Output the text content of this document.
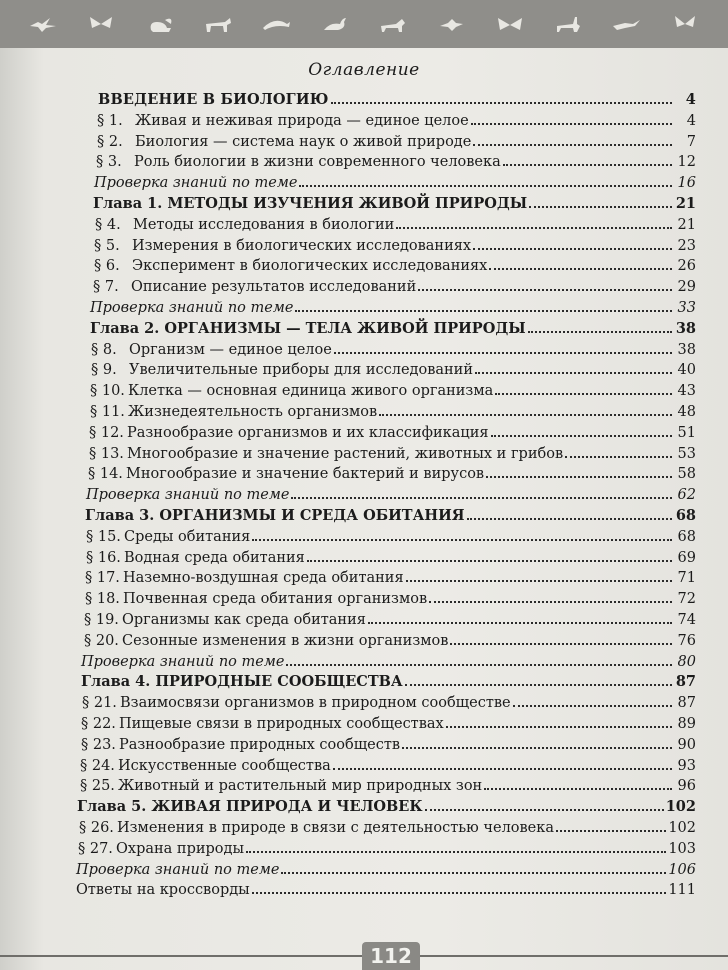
Оглавление
ВВЕДЕНИЕ В БИОЛОГИЮ	4
§ 1. Живая и неживая природа — единое целое	4
§ 2. Биология — система наук о живой природе	7
§ 3. Роль биологии в жизни современного человека	12
Проверка знаний по теме	16
Глава 1. МЕТОДЫ ИЗУЧЕНИЯ ЖИВОЙ ПРИРОДЫ	21
§ 4. Методы исследования в биологии	21
§ 5. Измерения в биологических исследованиях	23
§ 6. Эксперимент в биологических исследованиях	26
§ 7. Описание результатов исследований	29
Проверка знаний по теме	33
Глава 2. ОРГАНИЗМЫ — ТЕЛА ЖИВОЙ ПРИРОДЫ	38
§ 8. Организм — единое целое	38
§ 9. Увеличительные приборы для исследований	40
§ 10. Клетка — основная единица живого организма	43
§ 11. Жизнедеятельность организмов	48
§ 12. Разнообразие организмов и их классификация	51
§ 13. Многообразие и значение растений, животных и грибов	53
§ 14. Многообразие и значение бактерий и вирусов	58
Проверка знаний по теме	62
Глава 3. ОРГАНИЗМЫ И СРЕДА ОБИТАНИЯ	68
§ 15. Среды обитания	68
§ 16. Водная среда обитания	69
§ 17. Наземно-воздушная среда обитания	71
§ 18. Почвенная среда обитания организмов	72
§ 19. Организмы как среда обитания	74
§ 20. Сезонные изменения в жизни организмов	76
Проверка знаний по теме	80
Глава 4. ПРИРОДНЫЕ СООБЩЕСТВА	87
§ 21. Взаимосвязи организмов в природном сообществе	87
§ 22. Пищевые связи в природных сообществах	89
§ 23. Разнообразие природных сообществ	90
§ 24. Искусственные сообщества	93
§ 25. Животный и растительный мир природных зон	96
Глава 5. ЖИВАЯ ПРИРОДА И ЧЕЛОВЕК	102
§ 26. Изменения в природе в связи с деятельностью человека	102
§ 27. Охрана природы	103
Проверка знаний по теме	106
Ответы на кроссворды	111
112
